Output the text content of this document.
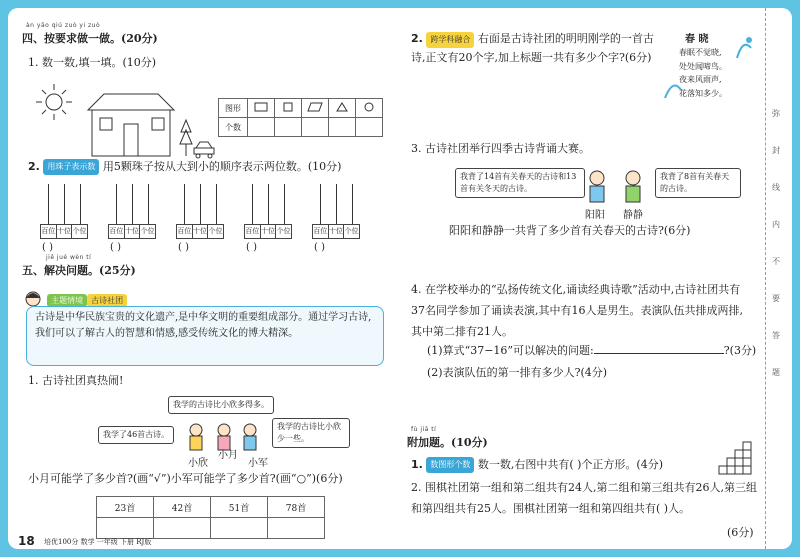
àn yāo qiú zuò yi zuò
四、按要求做一做。(20分)
1. 数一数,填一填。(10分)
图形					
个数					
2. 用珠子表示数 用5颗珠子按从大到小的顺序表示两位数。(10分)
百位 十位 个位
( )
百位 十位 个位
( )
百位 十位 个位
( )
百位 十位 个位
( )
百位 十位 个位
( )
jiě jué wèn tí
五、解决问题。(25分)
主题情境 古诗社团
古诗是中华民族宝贵的文化遗产,是中华文明的重要组成部分。通过学习古诗,我们可以了解古人的智慧和情感,感受传统文化的博大精深。
1. 古诗社团真热闹!
我学的古诗比小欣多得多。
我学了46首古诗。
我学的古诗比小欣少一些。
小欣
小月
小军
小月可能学了多少首?(画“√”)小军可能学了多少首?(画“○”)(6分)
23首	42首	51首	78首

18 培优100分 数学 一年级 下册 RJ版
2. 跨学科融合 右面是古诗社团的明明刚学的一首古诗,正文有20个字,加上标题一共有多少个字?(6分)
春 晓
春眠不觉晓,
处处闻啼鸟。
夜来风雨声,
花落知多少。
3. 古诗社团举行四季古诗背诵大赛。
我背了14首有关春天的古诗和13首有关冬天的古诗。
我背了8首有关春天的古诗。
阳阳 静静
阳阳和静静一共背了多少首有关春天的古诗?(6分)
4. 在学校举办的“弘扬传统文化,诵读经典诗歌”活动中,古诗社团共有37名同学参加了诵读表演,其中有16人是男生。表演队伍共排成两排,其中第二排有21人。
(1)算式“37−16”可以解决的问题:	?(3分)
(2)表演队伍的第一排有多少人?(4分)
fù jiā tí
附加题。(10分)
1. 数图形个数 数一数,右图中共有( )个正方形。(4分)
2. 围棋社团第一组和第二组共有24人,第二组和第三组共有26人,第三组和第四组共有25人。围棋社团第一组和第四组共有( )人。
(6分)
弥
封
线
内
不
要
答
题
